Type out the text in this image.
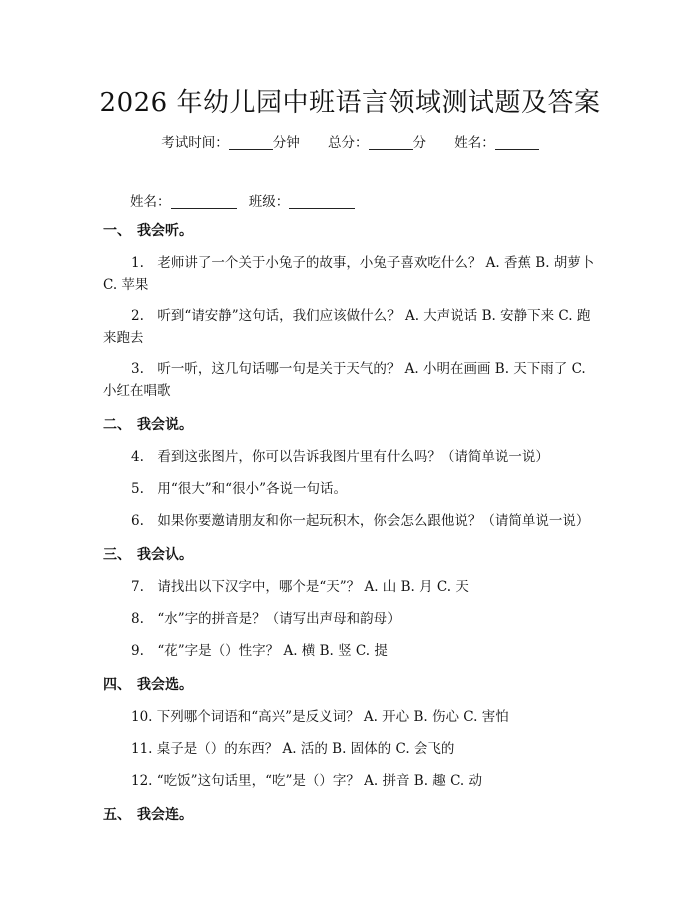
2026 年幼儿园中班语言领域测试题及答案
考试时间：	分钟 总分：	分 姓名：
姓名：	班级：

一、 我会听。

1.　老师讲了一个关于小兔子的故事，小兔子喜欢吃什么？ A. 香蕉 B. 胡萝卜 C. 苹果

2.　听到“请安静”这句话，我们应该做什么？ A. 大声说话 B. 安静下来 C. 跑来跑去

3.　听一听，这几句话哪一句是关于天气的？ A. 小明在画画 B. 天下雨了 C. 小红在唱歌

二、 我会说。

4.　看到这张图片，你可以告诉我图片里有什么吗？（请简单说一说）

5.　用“很大”和“很小”各说一句话。

6.　如果你要邀请朋友和你一起玩积木，你会怎么跟他说？（请简单说一说）

三、 我会认。

7.　请找出以下汉字中，哪个是“天”？ A. 山 B. 月 C. 天

8.　“水”字的拼音是？（请写出声母和韵母）

9.　“花”字是（）性字？ A. 横 B. 竖 C. 提

四、 我会选。

10. 下列哪个词语和“高兴”是反义词？ A. 开心 B. 伤心 C. 害怕

11. 桌子是（）的东西？ A. 活的 B. 固体的 C. 会飞的

12. “吃饭”这句话里，“吃”是（）字？ A. 拼音 B. 趣 C. 动

五、 我会连。
